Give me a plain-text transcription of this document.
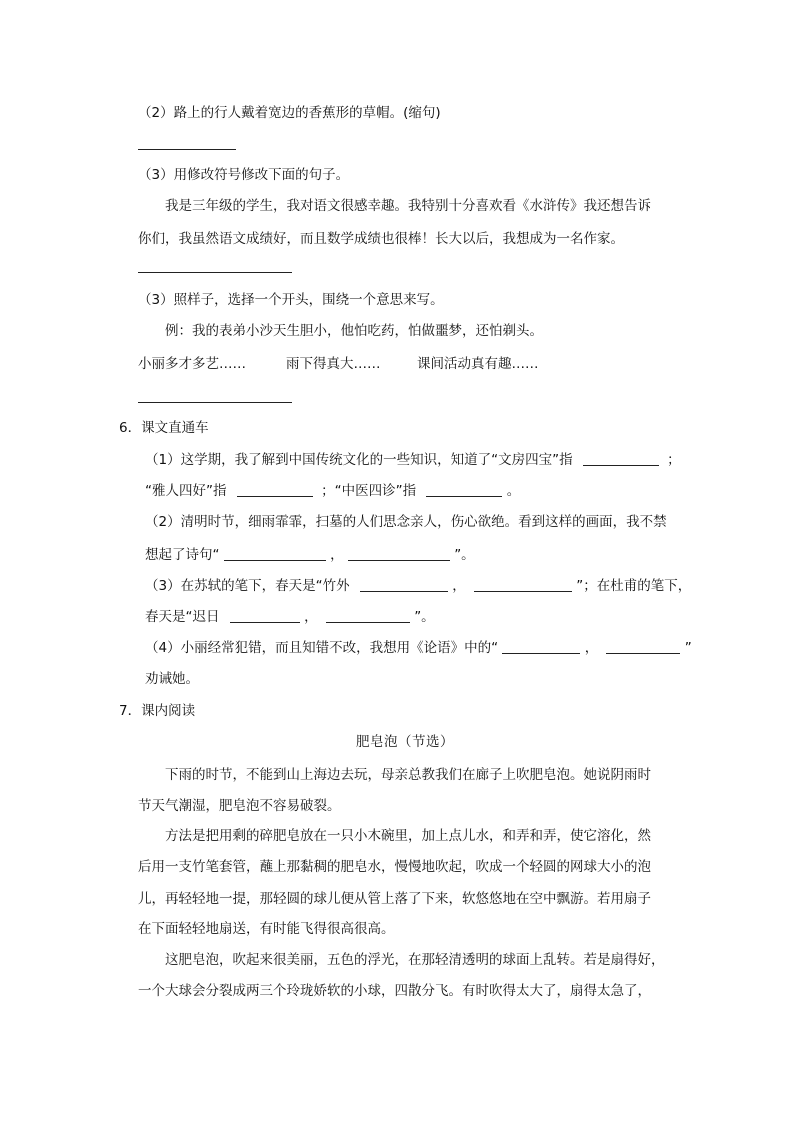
（2）路上的行人戴着宽边的香蕉形的草帽。(缩句)
（3）用修改符号修改下面的句子。
我是三年级的学生，我对语文很感幸趣。我特别十分喜欢看《水浒传》我还想告诉
你们，我虽然语文成绩好，而且数学成绩也很棒！长大以后，我想成为一名作家。
（3）照样子，选择一个开头，围绕一个意思来写。
例：我的表弟小沙天生胆小，他怕吃药，怕做噩梦，还怕剃头。
小丽多才多艺……	雨下得真大……	课间活动真有趣……
6．课文直通车
（1）这学期，我了解到中国传统文化的一些知识，知道了“文房四宝”指	；
“雅人四好”指	；“中医四诊”指	。
（2）清明时节，细雨霏霏，扫墓的人们思念亲人，伤心欲绝。看到这样的画面，我不禁
想起了诗句“	，	”。
（3）在苏轼的笔下，春天是“竹外	，	”；在杜甫的笔下，
春天是“迟日	，	”。
（4）小丽经常犯错，而且知错不改，我想用《论语》中的“	，	”
劝诫她。
7．课内阅读
肥皂泡（节选）
下雨的时节，不能到山上海边去玩，母亲总教我们在廊子上吹肥皂泡。她说阴雨时
节天气潮湿，肥皂泡不容易破裂。
方法是把用剩的碎肥皂放在一只小木碗里，加上点儿水，和弄和弄，使它溶化，然
后用一支竹笔套管，蘸上那黏稠的肥皂水，慢慢地吹起，吹成一个轻圆的网球大小的泡
儿，再轻轻地一提，那轻圆的球儿便从管上落了下来，软悠悠地在空中飘游。若用扇子
在下面轻轻地扇送，有时能飞得很高很高。
这肥皂泡，吹起来很美丽，五色的浮光，在那轻清透明的球面上乱转。若是扇得好，
一个大球会分裂成两三个玲珑娇软的小球，四散分飞。有时吹得太大了，扇得太急了，
